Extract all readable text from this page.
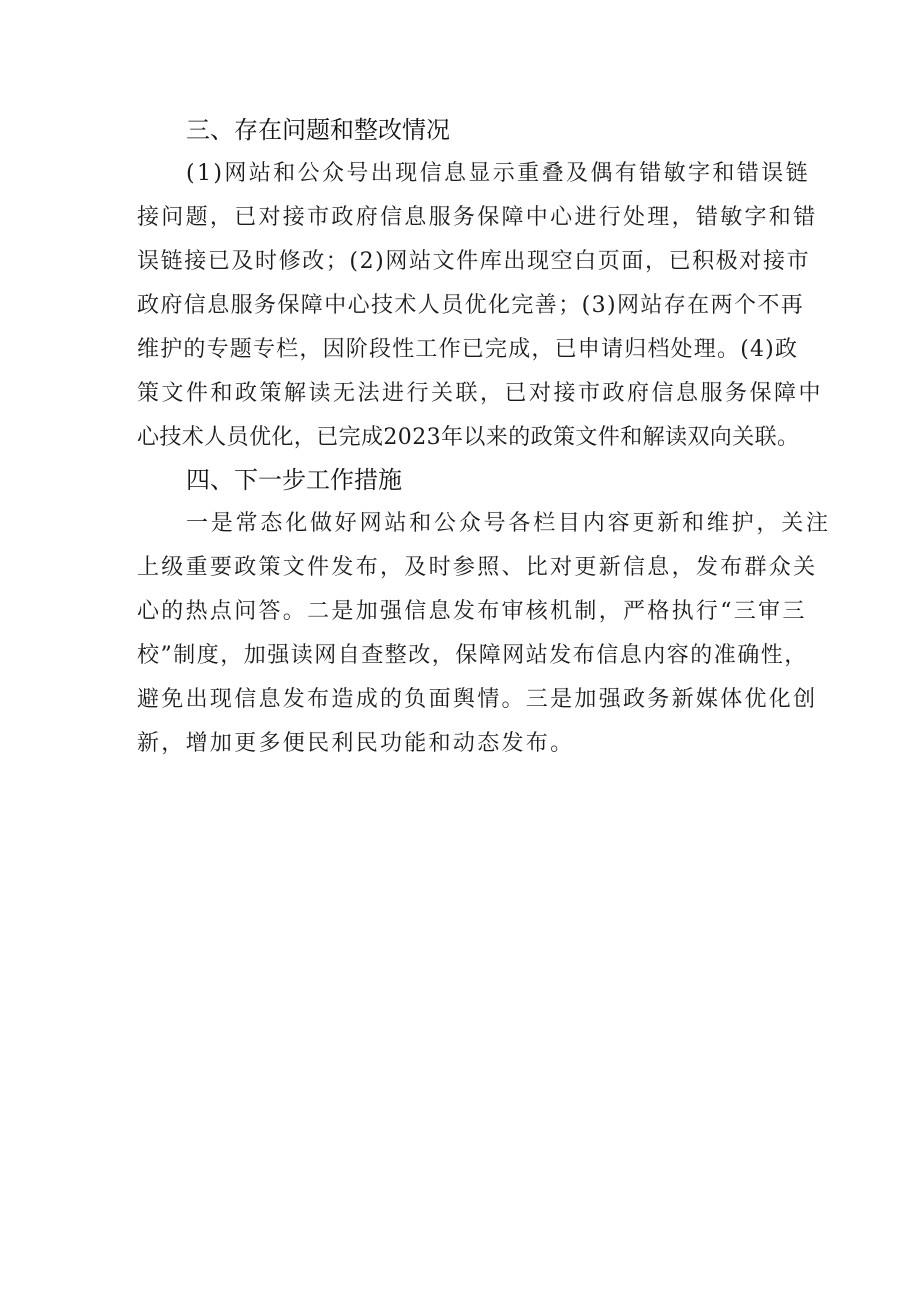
三、存在问题和整改情况
(1)网站和公众号出现信息显示重叠及偶有错敏字和错误链
接问题，已对接市政府信息服务保障中心进行处理，错敏字和错
误链接已及时修改；(2)网站文件库出现空白页面，已积极对接市
政府信息服务保障中心技术人员优化完善；(3)网站存在两个不再
维护的专题专栏，因阶段性工作已完成，已申请归档处理。(4)政
策文件和政策解读无法进行关联，已对接市政府信息服务保障中
心技术人员优化，已完成2023年以来的政策文件和解读双向关联。
四、下一步工作措施
一是常态化做好网站和公众号各栏目内容更新和维护，关注
上级重要政策文件发布，及时参照、比对更新信息，发布群众关
心的热点问答。二是加强信息发布审核机制，严格执行“三审三
校”制度，加强读网自查整改，保障网站发布信息内容的准确性，
避免出现信息发布造成的负面舆情。三是加强政务新媒体优化创
新，增加更多便民利民功能和动态发布。
